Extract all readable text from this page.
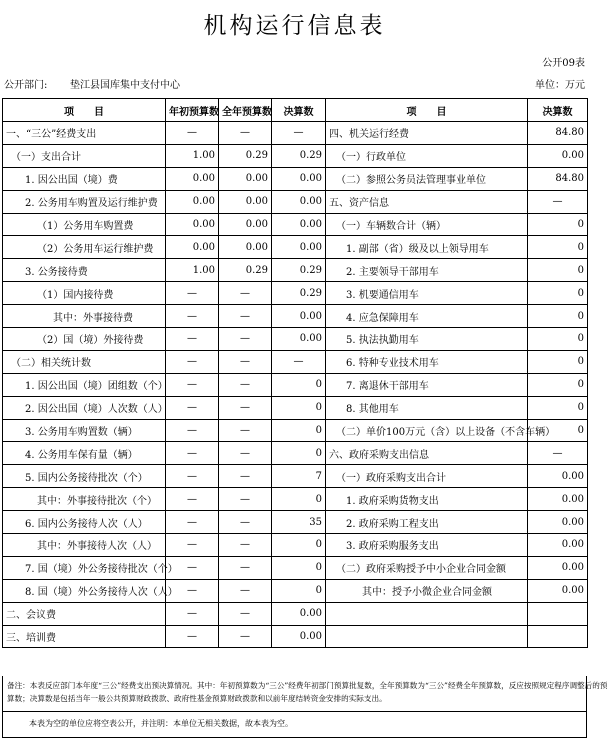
机构运行信息表
公开09表
公开部门: 垫江县国库集中支付中心	单位：万元
项　　目	年初预算数	全年预算数	决算数	项　　目	决算数
一、“三公”经费支出	—	—	—	四、机关运行经费	84.80
（一）支出合计	1.00	0.29	0.29	（一）行政单位	0.00
1. 因公出国（境）费	0.00	0.00	0.00	（二）参照公务员法管理事业单位	84.80
2. 公务用车购置及运行维护费	0.00	0.00	0.00	五、资产信息	—
（1）公务用车购置费	0.00	0.00	0.00	（一）车辆数合计（辆）	0
（2）公务用车运行维护费	0.00	0.00	0.00	1. 副部（省）级及以上领导用车	0
3. 公务接待费	1.00	0.29	0.29	2. 主要领导干部用车	0
（1）国内接待费	—	—	0.29	3. 机要通信用车	0
其中：外事接待费	—	—	0.00	4. 应急保障用车	0
（2）国（境）外接待费	—	—	0.00	5. 执法执勤用车	0
（二）相关统计数	—	—	—	6. 特种专业技术用车	0
1. 因公出国（境）团组数（个）	—	—	0	7. 离退休干部用车	0
2. 因公出国（境）人次数（人）	—	—	0	8. 其他用车	0
3. 公务用车购置数（辆）	—	—	0	（二）单价100万元（含）以上设备（不含车辆）	0
4. 公务用车保有量（辆）	—	—	0	六、政府采购支出信息	—
5. 国内公务接待批次（个）	—	—	7	（一）政府采购支出合计	0.00
其中：外事接待批次（个）	—	—	0	1. 政府采购货物支出	0.00
6. 国内公务接待人次（人）	—	—	35	2. 政府采购工程支出	0.00
其中：外事接待人次（人）	—	—	0	3. 政府采购服务支出	0.00
7. 国（境）外公务接待批次（个）	—	—	0	（二）政府采购授予中小企业合同金额	0.00
8. 国（境）外公务接待人次（人）	—	—	0	其中：授予小微企业合同金额	0.00
二、会议费	—	—	0.00		
三、培训费	—	—	0.00		
备注：本表反应部门本年度“三公”经费支出预决算情况。其中：年初预算数为“三公”经费年初部门预算批复数，全年预算数为“三公”经费全年预算数，反应按照规定程序调整后的预
算数；决算数是包括当年一般公共预算财政拨款、政府性基金预算财政拨款和以前年度结转资金安排的实际支出。
本表为空的单位应将空表公开，并注明：本单位无相关数据，故本表为空。
